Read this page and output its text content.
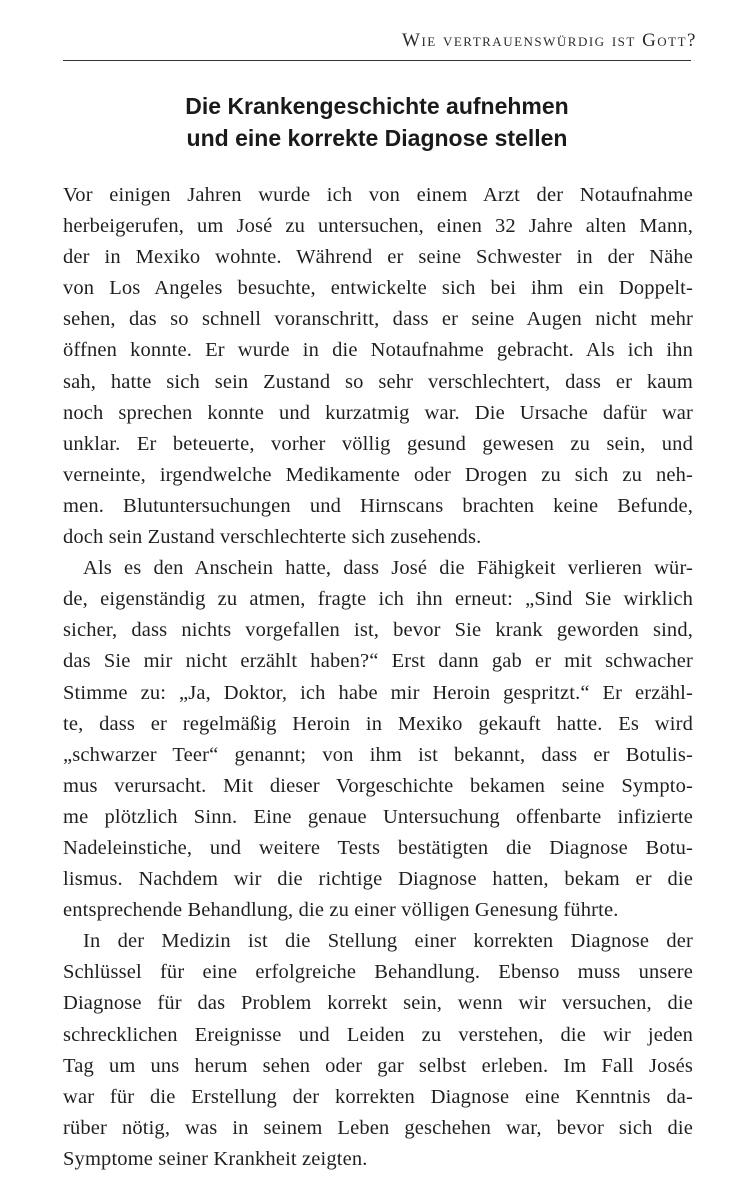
Wie vertrauenswürdig ist Gott?
Die Krankengeschichte aufnehmen
und eine korrekte Diagnose stellen
Vor einigen Jahren wurde ich von einem Arzt der Notaufnahme
herbeigerufen, um José zu untersuchen, einen 32 Jahre alten Mann,
der in Mexiko wohnte. Während er seine Schwester in der Nähe
von Los Angeles besuchte, entwickelte sich bei ihm ein Doppelt-
sehen, das so schnell voranschritt, dass er seine Augen nicht mehr
öffnen konnte. Er wurde in die Notaufnahme gebracht. Als ich ihn
sah, hatte sich sein Zustand so sehr verschlechtert, dass er kaum
noch sprechen konnte und kurzatmig war. Die Ursache dafür war
unklar. Er beteuerte, vorher völlig gesund gewesen zu sein, und
verneinte, irgendwelche Medikamente oder Drogen zu sich zu neh-
men. Blutuntersuchungen und Hirnscans brachten keine Befunde,
doch sein Zustand verschlechterte sich zusehends.
Als es den Anschein hatte, dass José die Fähigkeit verlieren wür-
de, eigenständig zu atmen, fragte ich ihn erneut: „Sind Sie wirklich
sicher, dass nichts vorgefallen ist, bevor Sie krank geworden sind,
das Sie mir nicht erzählt haben?“ Erst dann gab er mit schwacher
Stimme zu: „Ja, Doktor, ich habe mir Heroin gespritzt.“ Er erzähl-
te, dass er regelmäßig Heroin in Mexiko gekauft hatte. Es wird
„schwarzer Teer“ genannt; von ihm ist bekannt, dass er Botulis-
mus verursacht. Mit dieser Vorgeschichte bekamen seine Sympto-
me plötzlich Sinn. Eine genaue Untersuchung offenbarte infizierte
Nadeleinstiche, und weitere Tests bestätigten die Diagnose Botu-
lismus. Nachdem wir die richtige Diagnose hatten, bekam er die
entsprechende Behandlung, die zu einer völligen Genesung führte.
In der Medizin ist die Stellung einer korrekten Diagnose der
Schlüssel für eine erfolgreiche Behandlung. Ebenso muss unsere
Diagnose für das Problem korrekt sein, wenn wir versuchen, die
schrecklichen Ereignisse und Leiden zu verstehen, die wir jeden
Tag um uns herum sehen oder gar selbst erleben. Im Fall Josés
war für die Erstellung der korrekten Diagnose eine Kenntnis da-
rüber nötig, was in seinem Leben geschehen war, bevor sich die
Symptome seiner Krankheit zeigten.
